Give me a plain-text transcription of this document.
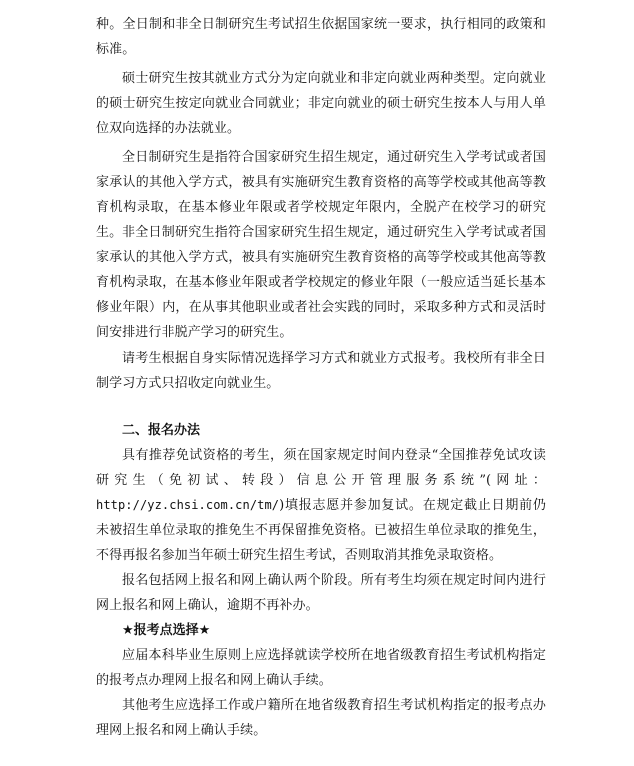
种。全日制和非全日制研究生考试招生依据国家统一要求，执行相同的政策和标准。

硕士研究生按其就业方式分为定向就业和非定向就业两种类型。定向就业的硕士研究生按定向就业合同就业；非定向就业的硕士研究生按本人与用人单位双向选择的办法就业。

全日制研究生是指符合国家研究生招生规定，通过研究生入学考试或者国家承认的其他入学方式，被具有实施研究生教育资格的高等学校或其他高等教育机构录取，在基本修业年限或者学校规定年限内，全脱产在校学习的研究生。 非全日制研究生指符合国家研究生招生规定，通过研究生入学考试或者国家承认的其他入学方式，被具有实施研究生教育资格的高等学校或其他高等教育机构录取，在基本修业年限或者学校规定的修业年限（一般应适当延长基本修业年限）内，在从事其他职业或者社会实践的同时，采取多种方式和灵活时间安排进行非脱产学习的研究生。

请考生根据自身实际情况选择学习方式和就业方式报考。我校所有非全日制学习方式只招收定向就业生。

二、报名办法

具有推荐免试资格的考生，须在国家规定时间内登录“全国推荐免试攻读研究生（免初试、转段）信息公开管理服务系统”(网址：http://yz.chsi.com.cn/tm/)填报志愿并参加复试。在规定截止日期前仍未被招生单位录取的推免生不再保留推免资格。已被招生单位录取的推免生，不得再报名参加当年硕士研究生招生考试，否则取消其推免录取资格。

报名包括网上报名和网上确认两个阶段。所有考生均须在规定时间内进行网上报名和网上确认，逾期不再补办。

★报考点选择★

应届本科毕业生原则上应选择就读学校所在地省级教育招生考试机构指定的报考点办理网上报名和网上确认手续。

其他考生应选择工作或户籍所在地省级教育招生考试机构指定的报考点办理网上报名和网上确认手续。
